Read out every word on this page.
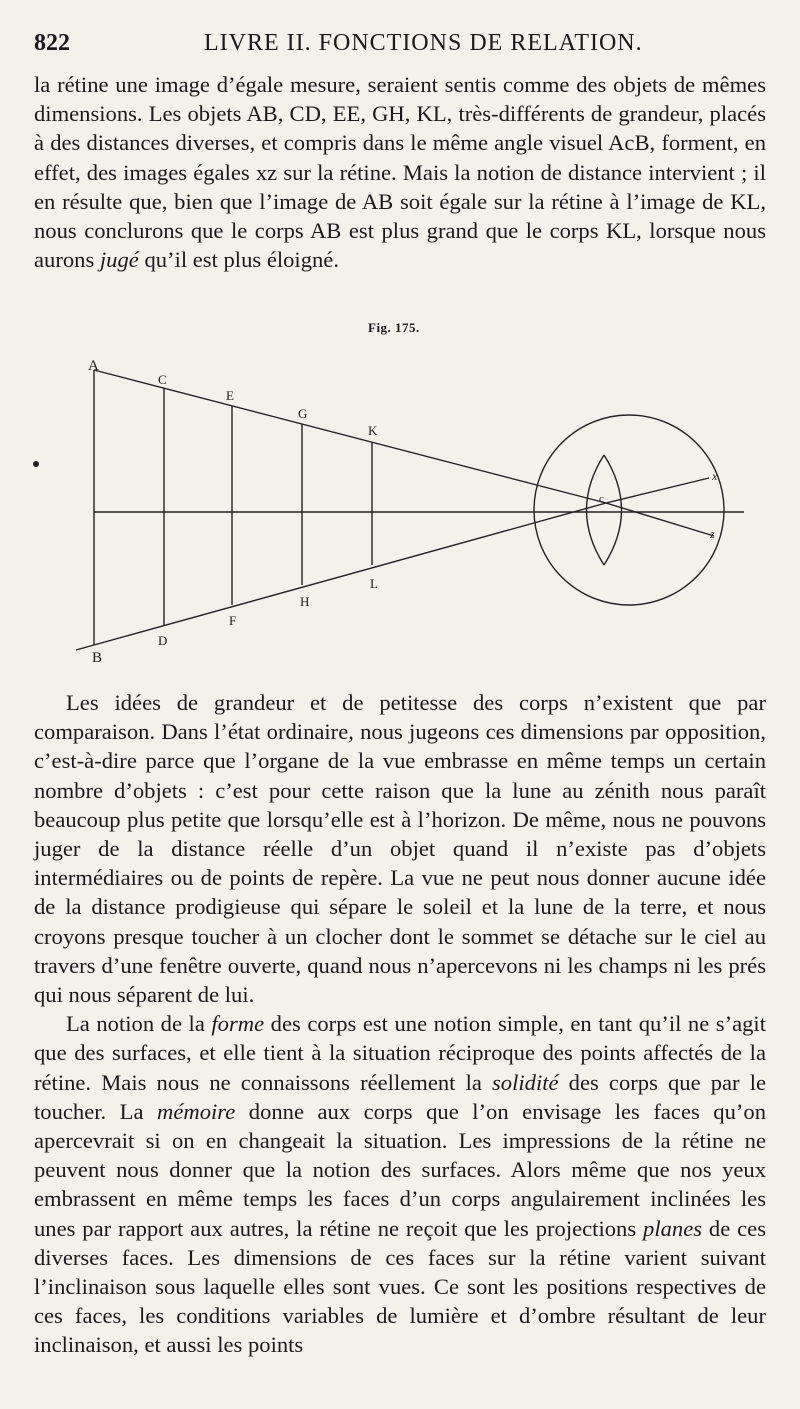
822	LIVRE II. FONCTIONS DE RELATION.

la rétine une image d’égale mesure, seraient sentis comme des objets de mêmes dimensions. Les objets AB, CD, EE, GH, KL, très-différents de grandeur, placés à des distances diverses, et compris dans le même angle visuel AcB, forment, en effet, des images égales xz sur la rétine. Mais la notion de distance intervient ; il en résulte que, bien que l’image de AB soit égale sur la rétine à l’image de KL, nous conclurons que le corps AB est plus grand que le corps KL, lorsque nous aurons jugé qu’il est plus éloigné.

Fig. 175.
A
B
C
D
E
F
G
H
K
L
c
x
z

Les idées de grandeur et de petitesse des corps n’existent que par comparaison. Dans l’état ordinaire, nous jugeons ces dimensions par opposition, c’est-à-dire parce que l’organe de la vue embrasse en même temps un certain nombre d’objets : c’est pour cette raison que la lune au zénith nous paraît beaucoup plus petite que lorsqu’elle est à l’horizon. De même, nous ne pouvons juger de la distance réelle d’un objet quand il n’existe pas d’objets intermédiaires ou de points de repère. La vue ne peut nous donner aucune idée de la distance prodigieuse qui sépare le soleil et la lune de la terre, et nous croyons presque toucher à un clocher dont le sommet se détache sur le ciel au travers d’une fenêtre ouverte, quand nous n’apercevons ni les champs ni les prés qui nous séparent de lui.

La notion de la forme des corps est une notion simple, en tant qu’il ne s’agit que des surfaces, et elle tient à la situation réciproque des points affectés de la rétine. Mais nous ne connaissons réellement la solidité des corps que par le toucher. La mémoire donne aux corps que l’on envisage les faces qu’on apercevrait si on en changeait la situation. Les impressions de la rétine ne peuvent nous donner que la notion des surfaces. Alors même que nos yeux embrassent en même temps les faces d’un corps angulairement inclinées les unes par rapport aux autres, la rétine ne reçoit que les projections planes de ces diverses faces. Les dimensions de ces faces sur la rétine varient suivant l’inclinaison sous laquelle elles sont vues. Ce sont les positions respectives de ces faces, les conditions variables de lumière et d’ombre résultant de leur inclinaison, et aussi les points
